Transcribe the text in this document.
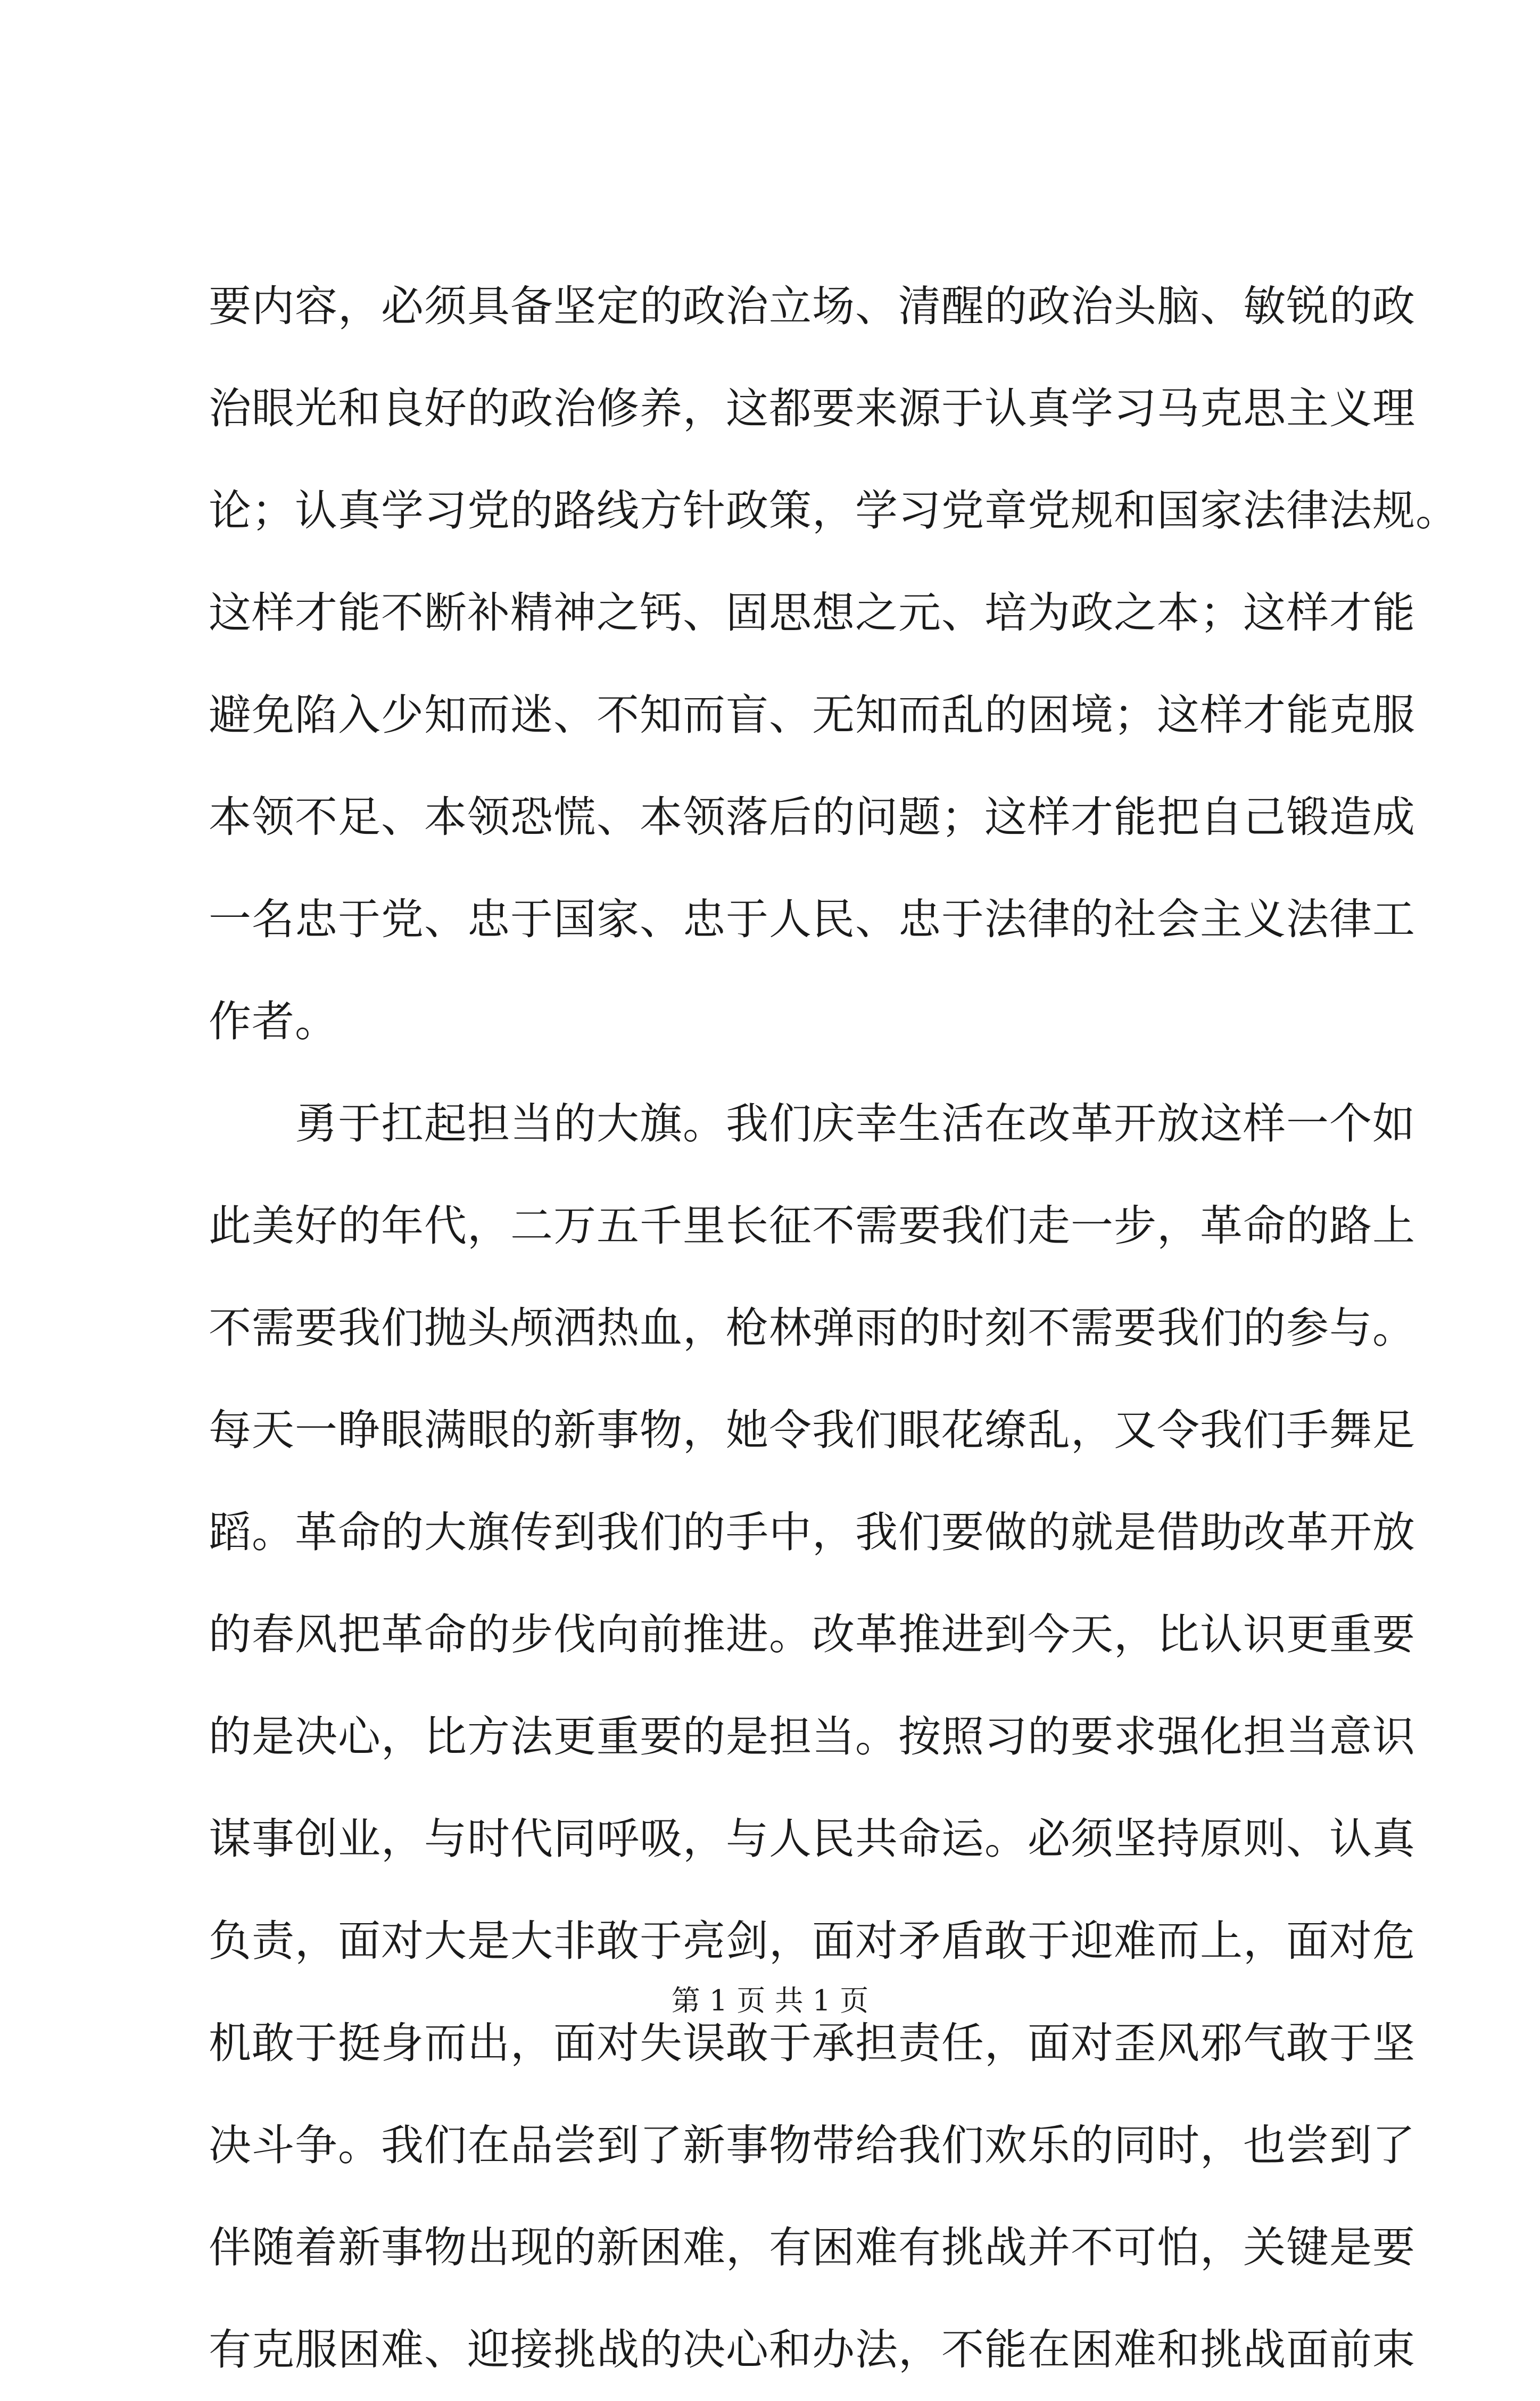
要内容，必须具备坚定的政治立场、清醒的政治头脑、敏锐的政
治眼光和良好的政治修养，这都要来源于认真学习马克思主义理
论；认真学习党的路线方针政策，学习党章党规和国家法律法规。
这样才能不断补精神之钙、固思想之元、培为政之本；这样才能
避免陷入少知而迷、不知而盲、无知而乱的困境；这样才能克服
本领不足、本领恐慌、本领落后的问题；这样才能把自己锻造成
一名忠于党、忠于国家、忠于人民、忠于法律的社会主义法律工
作者。
　　勇于扛起担当的大旗。我们庆幸生活在改革开放这样一个如
此美好的年代，二万五千里长征不需要我们走一步，革命的路上
不需要我们抛头颅洒热血，枪林弹雨的时刻不需要我们的参与。
每天一睁眼满眼的新事物，她令我们眼花缭乱，又令我们手舞足
蹈。革命的大旗传到我们的手中，我们要做的就是借助改革开放
的春风把革命的步伐向前推进。改革推进到今天，比认识更重要
的是决心，比方法更重要的是担当。按照习的要求强化担当意识
谋事创业，与时代同呼吸，与人民共命运。必须坚持原则、认真
负责，面对大是大非敢于亮剑，面对矛盾敢于迎难而上，面对危
机敢于挺身而出，面对失误敢于承担责任，面对歪风邪气敢于坚
决斗争。我们在品尝到了新事物带给我们欢乐的同时，也尝到了
伴随着新事物出现的新困难，有困难有挑战并不可怕，关键是要
有克服困难、迎接挑战的决心和办法，不能在困难和挑战面前束
第 1 页 共 1 页
